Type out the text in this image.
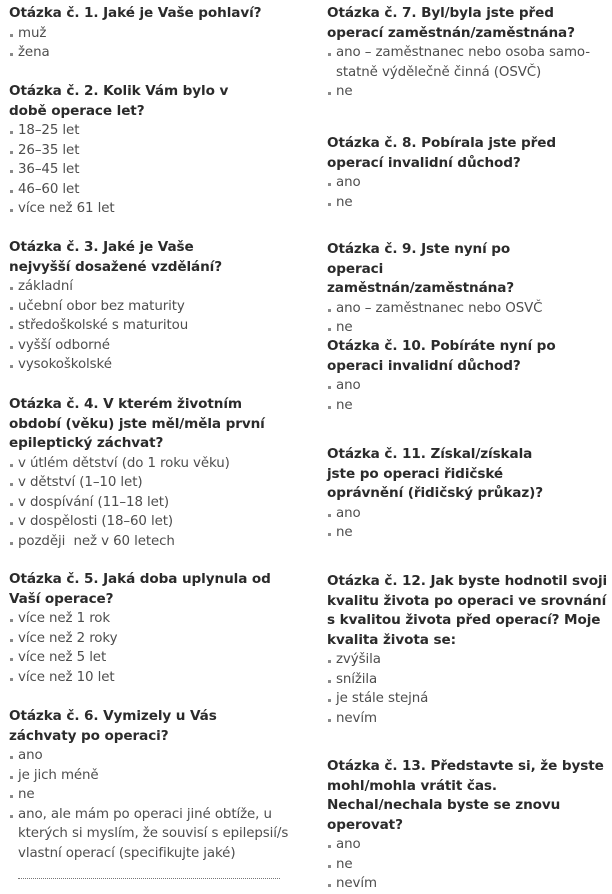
Otázka č. 1. Jaké je Vaše pohlaví?
muž
žena
Otázka č. 2. Kolik Vám bylo v době operace let?
18–25 let
26–35 let
36–45 let
46–60 let
více než 61 let
Otázka č. 3. Jaké je Vaše nejvyšší dosažené vzdělání?
základní
učební obor bez maturity
středoškolské s maturitou
vyšší odborné
vysokoškolské
Otázka č. 4. V kterém životním období (věku) jste měl/měla první epileptický záchvat?
v útlém dětství (do 1 roku věku)
v dětství (1–10 let)
v dospívání (11–18 let)
v dospělosti (18–60 let)
později  než v 60 letech
Otázka č. 5. Jaká doba uplynula od Vaší operace?
více než 1 rok
více než 2 roky
více než 5 let
více než 10 let
Otázka č. 6. Vymizely u Vás záchvaty po operaci?
ano
je jich méně
ne
ano, ale mám po operaci jiné obtíže, u kterých si myslím, že souvisí s epilepsií/s vlastní operací (specifikujte jaké)
Otázka č. 7. Byl/byla jste před operací zaměstnán/zaměstnána?
ano – zaměstnanec nebo osoba samo-statně výdělečně činná (OSVČ)
ne
Otázka č. 8. Pobírala jste před operací invalidní důchod?
ano
ne
Otázka č. 9. Jste nyní po operaci zaměstnán/zaměstnána?
ano – zaměstnanec nebo OSVČ
ne
Otázka č. 10. Pobíráte nyní po operaci invalidní důchod?
ano
ne
Otázka č. 11. Získal/získala jste po operaci řidičské oprávnění (řidičský průkaz)?
ano
ne
Otázka č. 12. Jak byste hodnotil svoji kvalitu života po operaci ve srovnání s kvalitou života před operací? Moje kvalita života se:
zvýšila
snížila
je stále stejná
nevím
Otázka č. 13. Představte si, že byste mohl/mohla vrátit čas. Nechal/nechala byste se znovu operovat?
ano
ne
nevím
